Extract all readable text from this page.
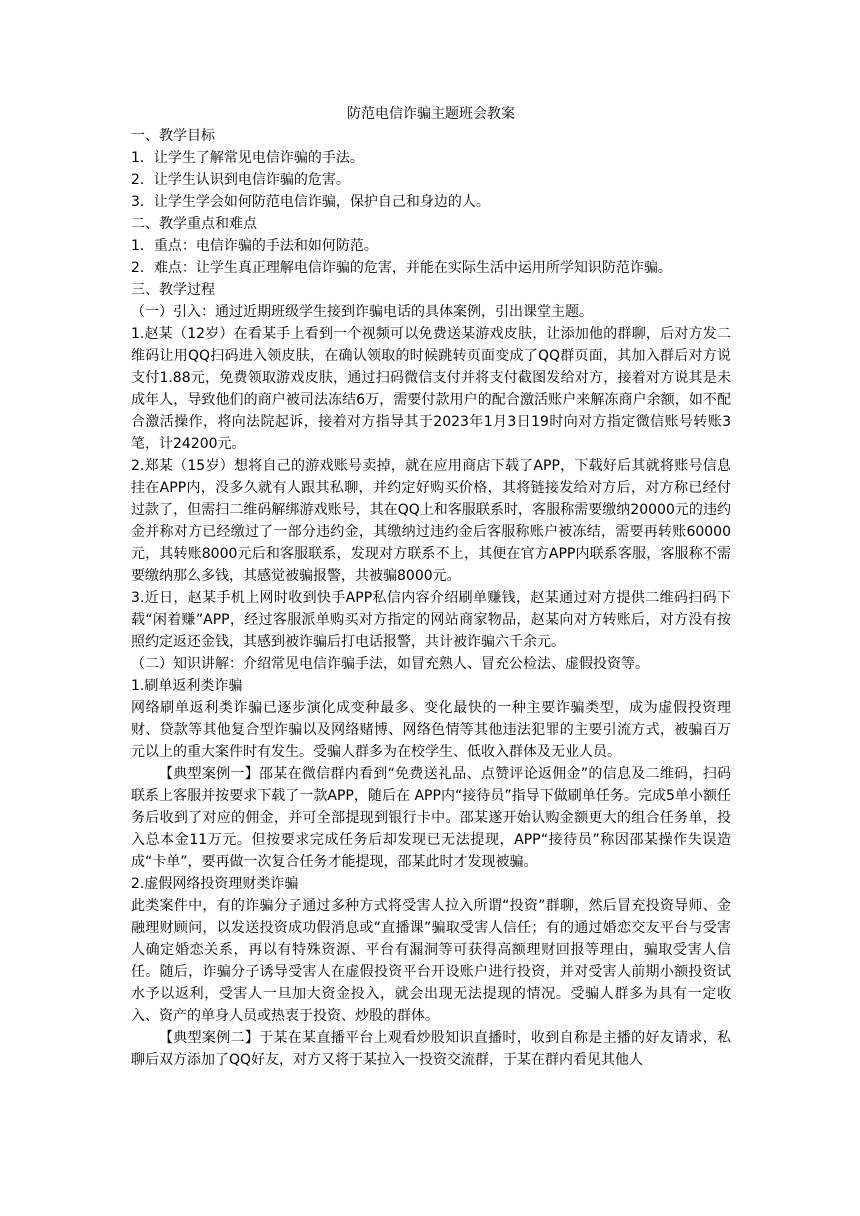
防范电信诈骗主题班会教案

一、教学目标

1．让学生了解常见电信诈骗的手法。

2．让学生认识到电信诈骗的危害。

3．让学生学会如何防范电信诈骗，保护自己和身边的人。

二、教学重点和难点

1．重点：电信诈骗的手法和如何防范。

2．难点：让学生真正理解电信诈骗的危害，并能在实际生活中运用所学知识防范诈骗。

三、教学过程

（一）引入：通过近期班级学生接到诈骗电话的具体案例，引出课堂主题。

1.赵某（12岁）在看某手上看到一个视频可以免费送某游戏皮肤，让添加他的群聊，后对方发二维码让用QQ扫码进入领皮肤，在确认领取的时候跳转页面变成了QQ群页面，其加入群后对方说支付1.88元，免费领取游戏皮肤，通过扫码微信支付并将支付截图发给对方，接着对方说其是未成年人，导致他们的商户被司法冻结6万，需要付款用户的配合激活账户来解冻商户余额，如不配合激活操作，将向法院起诉，接着对方指导其于2023年1月3日19时向对方指定微信账号转账3笔，计24200元。

2.郑某（15岁）想将自己的游戏账号卖掉，就在应用商店下载了APP，下载好后其就将账号信息挂在APP内，没多久就有人跟其私聊，并约定好购买价格，其将链接发给对方后，对方称已经付过款了，但需扫二维码解绑游戏账号，其在QQ上和客服联系时，客服称需要缴纳20000元的违约金并称对方已经缴过了一部分违约金，其缴纳过违约金后客服称账户被冻结，需要再转账60000元，其转账8000元后和客服联系，发现对方联系不上，其便在官方APP内联系客服，客服称不需要缴纳那么多钱，其感觉被骗报警，共被骗8000元。

3.近日，赵某手机上网时收到快手APP私信内容介绍刷单赚钱，赵某通过对方提供二维码扫码下载“闲着赚”APP，经过客服派单购买对方指定的网站商家物品，赵某向对方转账后，对方没有按照约定返还金钱，其感到被诈骗后打电话报警，共计被诈骗六千余元。

（二）知识讲解：介绍常见电信诈骗手法，如冒充熟人、冒充公检法、虚假投资等。

1.刷单返利类诈骗

网络刷单返利类诈骗已逐步演化成变种最多、变化最快的一种主要诈骗类型，成为虚假投资理财、贷款等其他复合型诈骗以及网络赌博、网络色情等其他违法犯罪的主要引流方式，被骗百万元以上的重大案件时有发生。受骗人群多为在校学生、低收入群体及无业人员。

【典型案例一】邵某在微信群内看到“免费送礼品、点赞评论返佣金”的信息及二维码，扫码联系上客服并按要求下载了一款APP，随后在 APP内“接待员”指导下做刷单任务。完成5单小额任务后收到了对应的佣金，并可全部提现到银行卡中。邵某遂开始认购金额更大的组合任务单，投入总本金11万元。但按要求完成任务后却发现已无法提现，APP“接待员”称因邵某操作失误造成“卡单”，要再做一次复合任务才能提现，邵某此时才发现被骗。

2.虚假网络投资理财类诈骗

此类案件中，有的诈骗分子通过多种方式将受害人拉入所谓“投资”群聊，然后冒充投资导师、金融理财顾问，以发送投资成功假消息或“直播课”骗取受害人信任；有的通过婚恋交友平台与受害人确定婚恋关系，再以有特殊资源、平台有漏洞等可获得高额理财回报等理由，骗取受害人信任。随后，诈骗分子诱导受害人在虚假投资平台开设账户进行投资，并对受害人前期小额投资试水予以返利，受害人一旦加大资金投入，就会出现无法提现的情况。受骗人群多为具有一定收入、资产的单身人员或热衷于投资、炒股的群体。

【典型案例二】于某在某直播平台上观看炒股知识直播时，收到自称是主播的好友请求，私聊后双方添加了QQ好友，对方又将于某拉入一投资交流群，于某在群内看见其他人
